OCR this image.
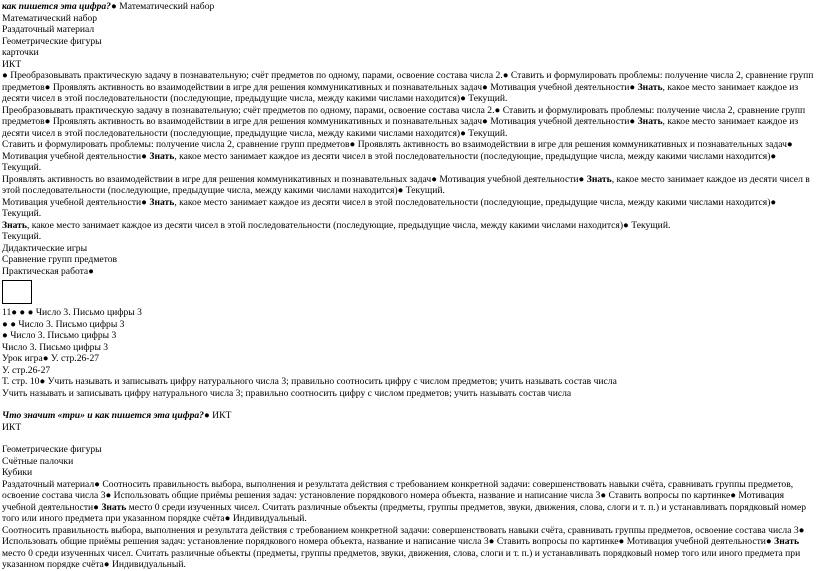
как пишется эта цифра?● Математический набор
Математический набор
Раздаточный материал
Геометрические фигуры
карточки
ИКТ
● Преобразовывать практическую задачу в познавательную; счёт предметов по одному, парами, освоение состава числа 2.● Ставить и формулировать проблемы: получение числа 2, сравнение групп предметов● Проявлять активность во взаимодействии в игре для решения коммуникативных и познавательных задач● Мотивация учебной деятельности● Знать, какое место занимает каждое из десяти чисел в этой последовательности (последующие, предыдущие числа, между какими числами находится)● Текущий.
Преобразовывать практическую задачу в познавательную; счёт предметов по одному, парами, освоение состава числа 2.● Ставить и формулировать проблемы: получение числа 2, сравнение групп предметов● Проявлять активность во взаимодействии в игре для решения коммуникативных и познавательных задач● Мотивация учебной деятельности● Знать, какое место занимает каждое из десяти чисел в этой последовательности (последующие, предыдущие числа, между какими числами находится)● Текущий.
Ставить и формулировать проблемы: получение числа 2, сравнение групп предметов● Проявлять активность во взаимодействии в игре для решения коммуникативных и познавательных задач● Мотивация учебной деятельности● Знать, какое место занимает каждое из десяти чисел в этой последовательности (последующие, предыдущие числа, между какими числами находится)● Текущий.
Проявлять активность во взаимодействии в игре для решения коммуникативных и познавательных задач● Мотивация учебной деятельности● Знать, какое место занимает каждое из десяти чисел в этой последовательности (последующие, предыдущие числа, между какими числами находится)● Текущий.
Мотивация учебной деятельности● Знать, какое место занимает каждое из десяти чисел в этой последовательности (последующие, предыдущие числа, между какими числами находится)● Текущий.
Знать, какое место занимает каждое из десяти чисел в этой последовательности (последующие, предыдущие числа, между какими числами находится)● Текущий.
Текущий.
Дидактические игры
Сравнение групп предметов
Практическая работа●
11● ● ● Число 3. Письмо цифры 3
● ● Число 3. Письмо цифры 3
● Число 3. Письмо цифры 3
Число 3. Письмо цифры 3
Урок игра● У. стр.26-27
У. стр.26-27
Т. стр. 10● Учить называть и записывать цифру натурального числа 3; правильно соотносить цифру с числом предметов; учить называть состав числа
Учить называть и записывать цифру натурального числа 3; правильно соотносить цифру с числом предметов; учить называть состав числа
Что значит «три» и как пишется эта цифра?● ИКТ
ИКТ
Геометрические фигуры
Счётные палочки
Кубики
Раздаточный материал● Соотносить правильность выбора, выполнения и результата действия с требованием конкретной задачи: совершенствовать навыки счёта, сравнивать группы предметов, освоение состава числа 3● Использовать общие приёмы решения задач: установление порядкового номера объекта, название и написание числа 3● Ставить вопросы по картинке● Мотивация учебной деятельности● Знать место 0 среди изученных чисел. Считать различные объекты (предметы, группы предметов, звуки, движения, слова, слоги и т. п.) и устанавливать порядковый номер того или иного предмета при указанном порядке счёта● Индивидуальный.
Соотносить правильность выбора, выполнения и результата действия с требованием конкретной задачи: совершенствовать навыки счёта, сравнивать группы предметов, освоение состава числа 3● Использовать общие приёмы решения задач: установление порядкового номера объекта, название и написание числа 3● Ставить вопросы по картинке● Мотивация учебной деятельности● Знать место 0 среди изученных чисел. Считать различные объекты (предметы, группы предметов, звуки, движения, слова, слоги и т. п.) и устанавливать порядковый номер того или иного предмета при указанном порядке счёта● Индивидуальный.
